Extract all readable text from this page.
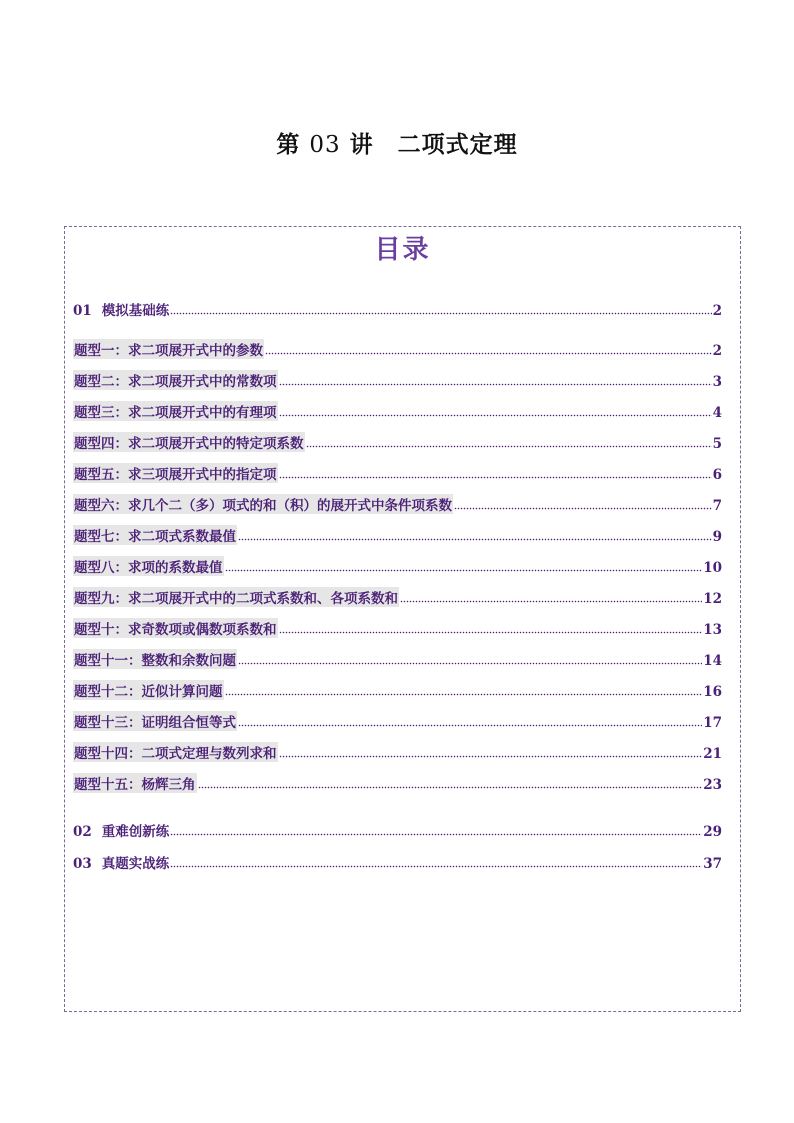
第 03 讲　二项式定理
目录
01 模拟基础练	2
题型一：求二项展开式中的参数	2
题型二：求二项展开式中的常数项	3
题型三：求二项展开式中的有理项	4
题型四：求二项展开式中的特定项系数	5
题型五：求三项展开式中的指定项	6
题型六：求几个二（多）项式的和（积）的展开式中条件项系数	7
题型七：求二项式系数最值	9
题型八：求项的系数最值	10
题型九：求二项展开式中的二项式系数和、各项系数和	12
题型十：求奇数项或偶数项系数和	13
题型十一：整数和余数问题	14
题型十二：近似计算问题	16
题型十三：证明组合恒等式	17
题型十四：二项式定理与数列求和	21
题型十五：杨辉三角	23
02 重难创新练	29
03 真题实战练	37
